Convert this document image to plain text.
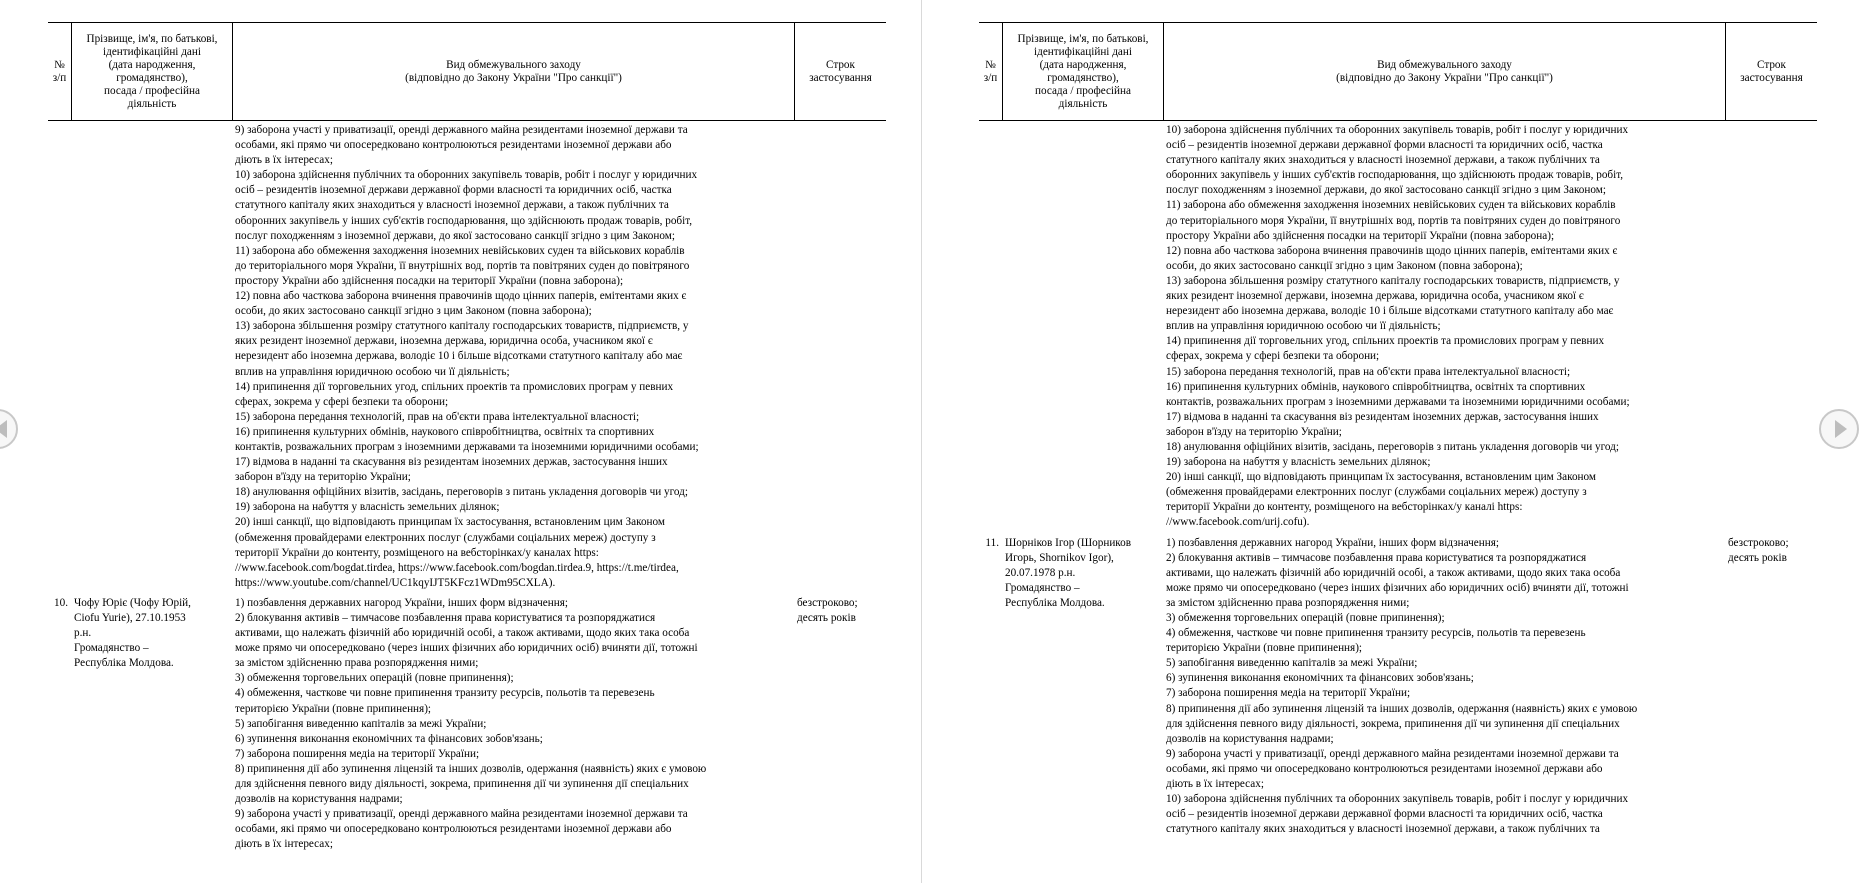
№
з/п
Прізвище, ім'я, по батькові,
ідентифікаційні дані
(дата народження,
громадянство),
посада / професійна
діяльність
Вид обмежувального заходу
(відповідно до Закону України "Про санкції")
Строк
застосування
9) заборона участі у приватизації, оренді державного майна резидентами іноземної держави та
особами, які прямо чи опосередковано контролюються резидентами іноземної держави або
діють в їх інтересах;
10) заборона здійснення публічних та оборонних закупівель товарів, робіт і послуг у юридичних
осіб – резидентів іноземної держави державної форми власності та юридичних осіб, частка
статутного капіталу яких знаходиться у власності іноземної держави, а також публічних та
оборонних закупівель у інших суб'єктів господарювання, що здійснюють продаж товарів, робіт,
послуг походженням з іноземної держави, до якої застосовано санкції згідно з цим Законом;
11) заборона або обмеження заходження іноземних невійськових суден та військових кораблів
до територіального моря України, її внутрішніх вод, портів та повітряних суден до повітряного
простору України або здійснення посадки на території України (повна заборона);
12) повна або часткова заборона вчинення правочинів щодо цінних паперів, емітентами яких є
особи, до яких застосовано санкції згідно з цим Законом (повна заборона);
13) заборона збільшення розміру статутного капіталу господарських товариств, підприємств, у
яких резидент іноземної держави, іноземна держава, юридична особа, учасником якої є
нерезидент або іноземна держава, володіє 10 і більше відсотками статутного капіталу або має
вплив на управління юридичною особою чи її діяльність;
14) припинення дії торговельних угод, спільних проектів та промислових програм у певних
сферах, зокрема у сфері безпеки та оборони;
15) заборона передання технологій, прав на об'єкти права інтелектуальної власності;
16) припинення культурних обмінів, наукового співробітництва, освітніх та спортивних
контактів, розважальних програм з іноземними державами та іноземними юридичними особами;
17) відмова в наданні та скасування віз резидентам іноземних держав, застосування інших
заборон в'їзду на територію України;
18) анулювання офіційних візитів, засідань, переговорів з питань укладення договорів чи угод;
19) заборона на набуття у власність земельних ділянок;
20) інші санкції, що відповідають принципам їх застосування, встановленим цим Законом
(обмеження провайдерами електронних послуг (службами соціальних мереж) доступу з
території України до контенту, розміщеного на вебсторінках/у каналах https:
//www.facebook.com/bogdat.tirdea, https://www.facebook.com/bogdan.tirdea.9, https://t.me/tirdea,
https://www.youtube.com/channel/UC1kqyIJT5KFcz1WDm95CXLA).
10. Чофу Юріє (Чофу Юрій,
Ciofu Yurie), 27.10.1953
р.н.
Громадянство –
Республіка Молдова.
1) позбавлення державних нагород України, інших форм відзначення;
2) блокування активів – тимчасове позбавлення права користуватися та розпоряджатися
активами, що належать фізичній або юридичній особі, а також активами, щодо яких така особа
може прямо чи опосередковано (через інших фізичних або юридичних осіб) вчиняти дії, тотожні
за змістом здійсненню права розпорядження ними;
3) обмеження торговельних операцій (повне припинення);
4) обмеження, часткове чи повне припинення транзиту ресурсів, польотів та перевезень
територією України (повне припинення);
5) запобігання виведенню капіталів за межі України;
6) зупинення виконання економічних та фінансових зобов'язань;
7) заборона поширення медіа на території України;
8) припинення дії або зупинення ліцензій та інших дозволів, одержання (наявність) яких є умовою
для здійснення певного виду діяльності, зокрема, припинення дії чи зупинення дії спеціальних
дозволів на користування надрами;
9) заборона участі у приватизації, оренді державного майна резидентами іноземної держави та
особами, які прямо чи опосередковано контролюються резидентами іноземної держави або
діють в їх інтересах;
безстроково;
десять років
№
з/п
Прізвище, ім'я, по батькові,
ідентифікаційні дані
(дата народження,
громадянство),
посада / професійна
діяльність
Вид обмежувального заходу
(відповідно до Закону України "Про санкції")
Строк
застосування
10) заборона здійснення публічних та оборонних закупівель товарів, робіт і послуг у юридичних
осіб – резидентів іноземної держави державної форми власності та юридичних осіб, частка
статутного капіталу яких знаходиться у власності іноземної держави, а також публічних та
оборонних закупівель у інших суб'єктів господарювання, що здійснюють продаж товарів, робіт,
послуг походженням з іноземної держави, до якої застосовано санкції згідно з цим Законом;
11) заборона або обмеження заходження іноземних невійськових суден та військових кораблів
до територіального моря України, її внутрішніх вод, портів та повітряних суден до повітряного
простору України або здійснення посадки на території України (повна заборона);
12) повна або часткова заборона вчинення правочинів щодо цінних паперів, емітентами яких є
особи, до яких застосовано санкції згідно з цим Законом (повна заборона);
13) заборона збільшення розміру статутного капіталу господарських товариств, підприємств, у
яких резидент іноземної держави, іноземна держава, юридична особа, учасником якої є
нерезидент або іноземна держава, володіє 10 і більше відсотками статутного капіталу або має
вплив на управління юридичною особою чи її діяльність;
14) припинення дії торговельних угод, спільних проектів та промислових програм у певних
сферах, зокрема у сфері безпеки та оборони;
15) заборона передання технологій, прав на об'єкти права інтелектуальної власності;
16) припинення культурних обмінів, наукового співробітництва, освітніх та спортивних
контактів, розважальних програм з іноземними державами та іноземними юридичними особами;
17) відмова в наданні та скасування віз резидентам іноземних держав, застосування інших
заборон в'їзду на територію України;
18) анулювання офіційних візитів, засідань, переговорів з питань укладення договорів чи угод;
19) заборона на набуття у власність земельних ділянок;
20) інші санкції, що відповідають принципам їх застосування, встановленим цим Законом
(обмеження провайдерами електронних послуг (службами соціальних мереж) доступу з
території України до контенту, розміщеного на вебсторінках/у каналі https:
//www.facebook.com/urij.cofu).
11. Шорніков Ігор (Шорников
Игорь, Shornikov Igor),
20.07.1978 р.н.
Громадянство –
Республіка Молдова.
1) позбавлення державних нагород України, інших форм відзначення;
2) блокування активів – тимчасове позбавлення права користуватися та розпоряджатися
активами, що належать фізичній або юридичній особі, а також активами, щодо яких така особа
може прямо чи опосередковано (через інших фізичних або юридичних осіб) вчиняти дії, тотожні
за змістом здійсненню права розпорядження ними;
3) обмеження торговельних операцій (повне припинення);
4) обмеження, часткове чи повне припинення транзиту ресурсів, польотів та перевезень
територією України (повне припинення);
5) запобігання виведенню капіталів за межі України;
6) зупинення виконання економічних та фінансових зобов'язань;
7) заборона поширення медіа на території України;
8) припинення дії або зупинення ліцензій та інших дозволів, одержання (наявність) яких є умовою
для здійснення певного виду діяльності, зокрема, припинення дії чи зупинення дії спеціальних
дозволів на користування надрами;
9) заборона участі у приватизації, оренді державного майна резидентами іноземної держави та
особами, які прямо чи опосередковано контролюються резидентами іноземної держави або
діють в їх інтересах;
10) заборона здійснення публічних та оборонних закупівель товарів, робіт і послуг у юридичних
осіб – резидентів іноземної держави державної форми власності та юридичних осіб, частка
статутного капіталу яких знаходиться у власності іноземної держави, а також публічних та
безстроково;
десять років
